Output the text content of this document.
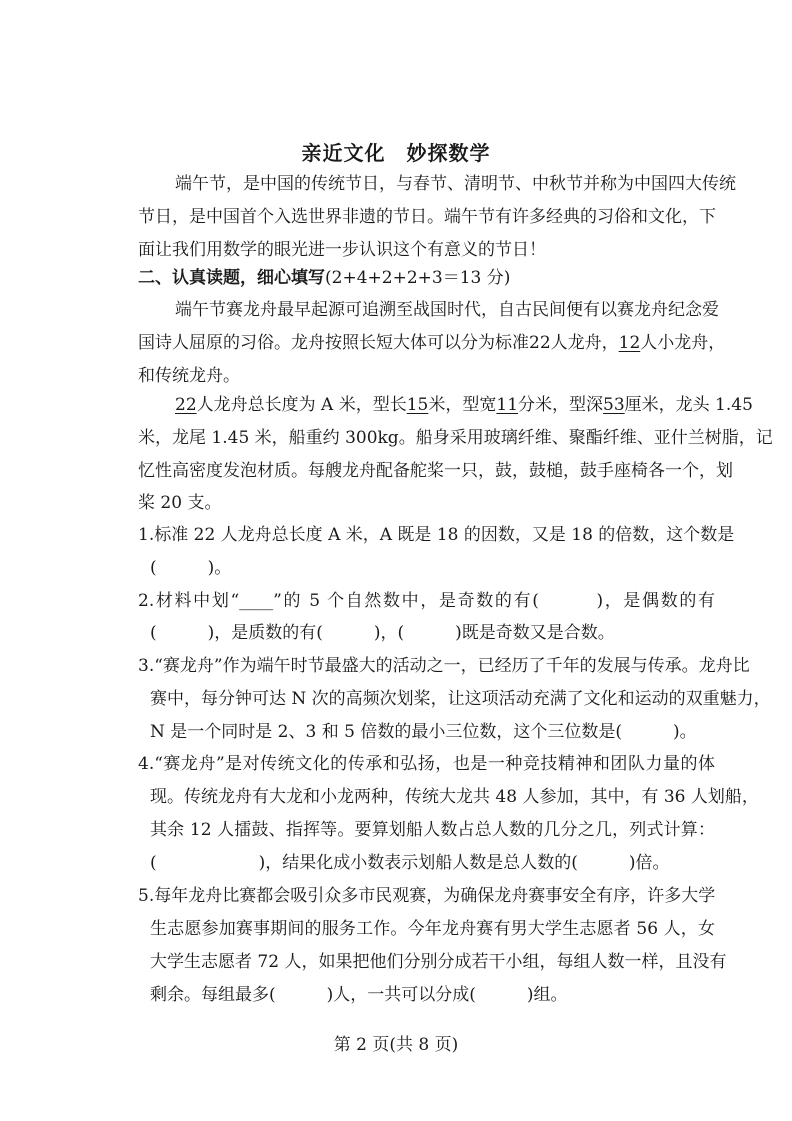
亲近文化　妙探数学
端午节，是中国的传统节日，与春节、清明节、中秋节并称为中国四大传统
节日，是中国首个入选世界非遗的节日。端午节有许多经典的习俗和文化，下
面让我们用数学的眼光进一步认识这个有意义的节日！
二、认真读题，细心填写(2+4+2+2+3＝13 分)
端午节赛龙舟最早起源可追溯至战国时代，自古民间便有以赛龙舟纪念爱
国诗人屈原的习俗。龙舟按照长短大体可以分为标准22人龙舟，12人小龙舟，
和传统龙舟。
22人龙舟总长度为 A 米，型长15米，型宽11分米，型深53厘米，龙头 1.45
米，龙尾 1.45 米，船重约 300kg。船身采用玻璃纤维、聚酯纤维、亚什兰树脂，记
忆性高密度发泡材质。每艘龙舟配备舵桨一只，鼓，鼓槌，鼓手座椅各一个，划
桨 20 支。
1.标准 22 人龙舟总长度 A 米，A 既是 18 的因数，又是 18 的倍数，这个数是
(　　　)。
2.材料中划“____”的 5 个自然数中，是奇数的有(　　　)，是偶数的有
(　　　)，是质数的有(　　　)，(　　　)既是奇数又是合数。
3.“赛龙舟”作为端午时节最盛大的活动之一，已经历了千年的发展与传承。龙舟比
赛中，每分钟可达 N 次的高频次划桨，让这项活动充满了文化和运动的双重魅力，
N 是一个同时是 2、3 和 5 倍数的最小三位数，这个三位数是(　　　)。
4.“赛龙舟”是对传统文化的传承和弘扬，也是一种竞技精神和团队力量的体
现。传统龙舟有大龙和小龙两种，传统大龙共 48 人参加，其中，有 36 人划船，
其余 12 人擂鼓、指挥等。要算划船人数占总人数的几分之几，列式计算：
(　　　　　　)，结果化成小数表示划船人数是总人数的(　　　)倍。
5.每年龙舟比赛都会吸引众多市民观赛，为确保龙舟赛事安全有序，许多大学
生志愿参加赛事期间的服务工作。今年龙舟赛有男大学生志愿者 56 人，女
大学生志愿者 72 人，如果把他们分别分成若干小组，每组人数一样，且没有
剩余。每组最多(　　　)人，一共可以分成(　　　)组。
第 2 页(共 8 页)
